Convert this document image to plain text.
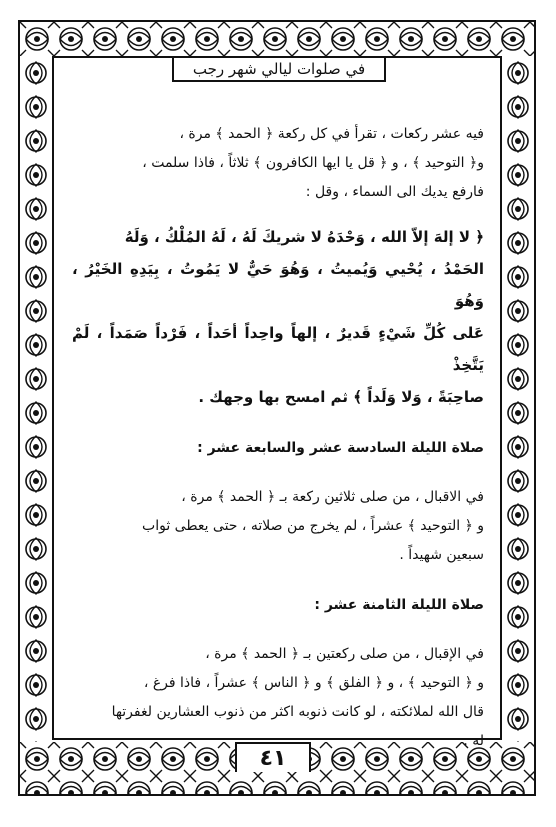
في صلوات ليالي شهر رجب
٤١

فيه عشر ركعات ، تقرأ في كل ركعة ﴿ الحمد ﴾ مرة ،

و﴿ التوحيد ﴾ ، و ﴿ قل يا ايها الكافرون ﴾ ثلاثاً ، فاذا سلمت ،

فارفع يديك الى السماء ، وقل :

﴿ لا إلهَ إلاّ الله ، وَحْدَهُ لا شريكَ لَهُ ، لَهُ المُلْكُ ، وَلَهُ

الحَمْدُ ، يُحْيي وَيُميتُ ، وَهُوَ حَيٌّ لا يَمُوتُ ، بِيَدِهِ الخَيْرُ ، وَهُوَ

عَلى كُلِّ شَيْءٍ قَديرٌ ، إلهاً واحِداً أحَداً ، فَرْداً صَمَداً ، لَمْ يَتَّخِذْ

صاحِبَةً ، وَلا وَلَداً ﴾ ثم امسح بها وجهك .

صلاة الليلة السادسة عشر والسابعة عشر :

في الاقبال ، من صلى ثلاثين ركعة بـ ﴿ الحمد ﴾ مرة ،

و ﴿ التوحيد ﴾ عشراً ، لم يخرج من صلاته ، حتى يعطى ثواب

سبعين شهيداً .

صلاة الليلة الثامنة عشر :

في الإقبال ، من صلى ركعتين بـ ﴿ الحمد ﴾ مرة ،

و ﴿ التوحيد ﴾ ، و ﴿ الفلق ﴾ و ﴿ الناس ﴾ عشراً ، فاذا فرغ ،

قال الله لملائكته ، لو كانت ذنوبه اكثر من ذنوب العشارين لغفرتها

له .
